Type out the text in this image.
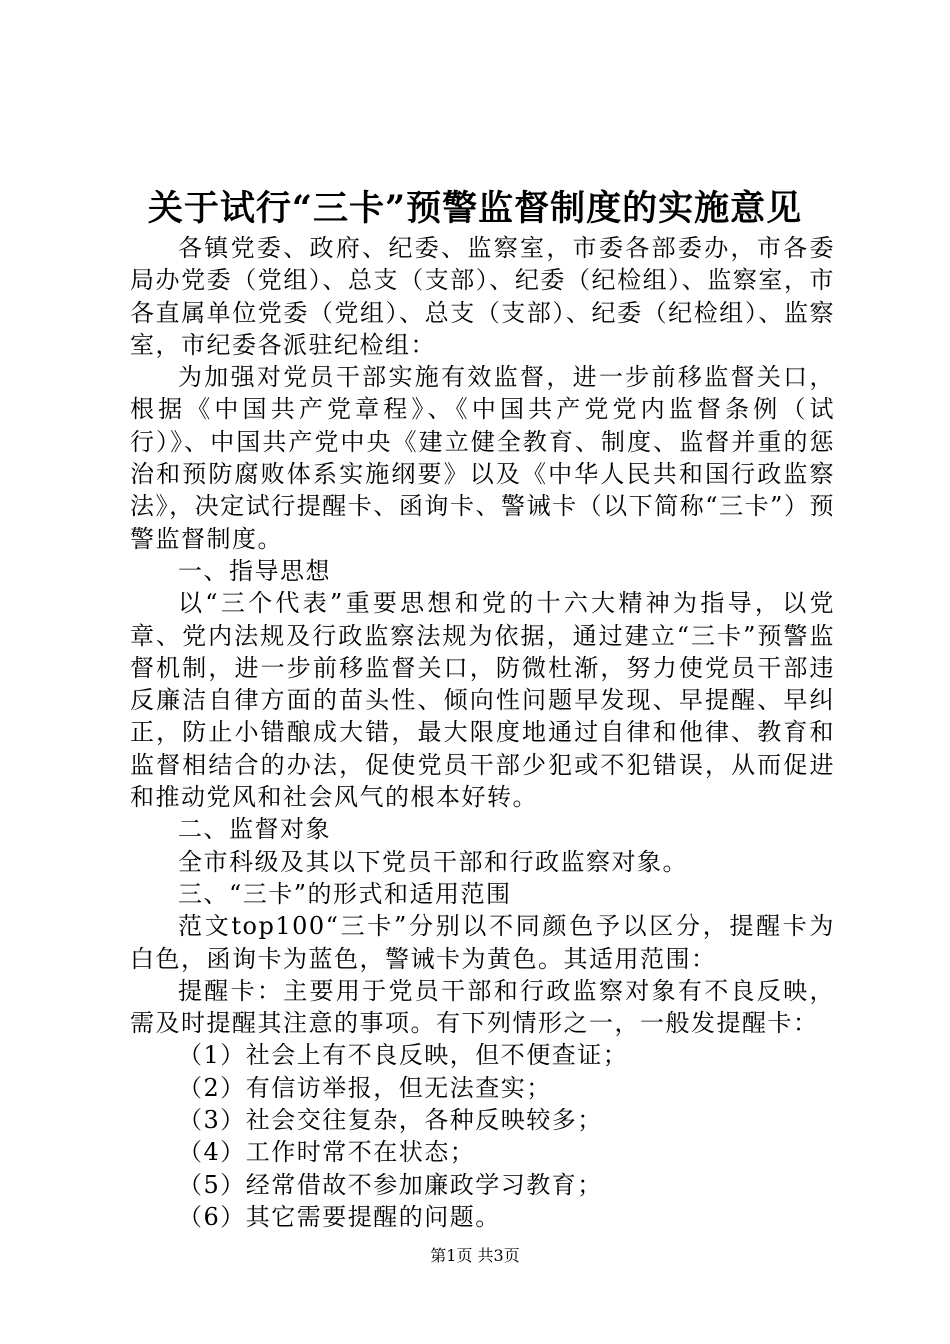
关于试行“三卡”预警监督制度的实施意见

各镇党委、政府、纪委、监察室，市委各部委办，市各委局办党委（党组）、总支（支部）、纪委（纪检组）、监察室，市各直属单位党委（党组）、总支（支部）、纪委（纪检组）、监察室，市纪委各派驻纪检组：

为加强对党员干部实施有效监督，进一步前移监督关口，根据《中国共产党章程》、《中国共产党党内监督条例（试行）》、中国共产党中央《建立健全教育、制度、监督并重的惩治和预防腐败体系实施纲要》以及《中华人民共和国行政监察法》，决定试行提醒卡、函询卡、警诫卡（以下简称“三卡”）预警监督制度。

一、指导思想

以“三个代表”重要思想和党的十六大精神为指导，以党章、党内法规及行政监察法规为依据，通过建立“三卡”预警监督机制，进一步前移监督关口，防微杜渐，努力使党员干部违反廉洁自律方面的苗头性、倾向性问题早发现、早提醒、早纠正，防止小错酿成大错，最大限度地通过自律和他律、教育和监督相结合的办法，促使党员干部少犯或不犯错误，从而促进和推动党风和社会风气的根本好转。

二、监督对象

全市科级及其以下党员干部和行政监察对象。

三、“三卡”的形式和适用范围

范文top100“三卡”分别以不同颜色予以区分，提醒卡为白色，函询卡为蓝色，警诫卡为黄色。其适用范围：

提醒卡：主要用于党员干部和行政监察对象有不良反映，需及时提醒其注意的事项。有下列情形之一，一般发提醒卡：

（1）社会上有不良反映，但不便查证；

（2）有信访举报，但无法查实；

（3）社会交往复杂，各种反映较多；

（4）工作时常不在状态；

（5）经常借故不参加廉政学习教育；

（6）其它需要提醒的问题。

第1页 共3页
